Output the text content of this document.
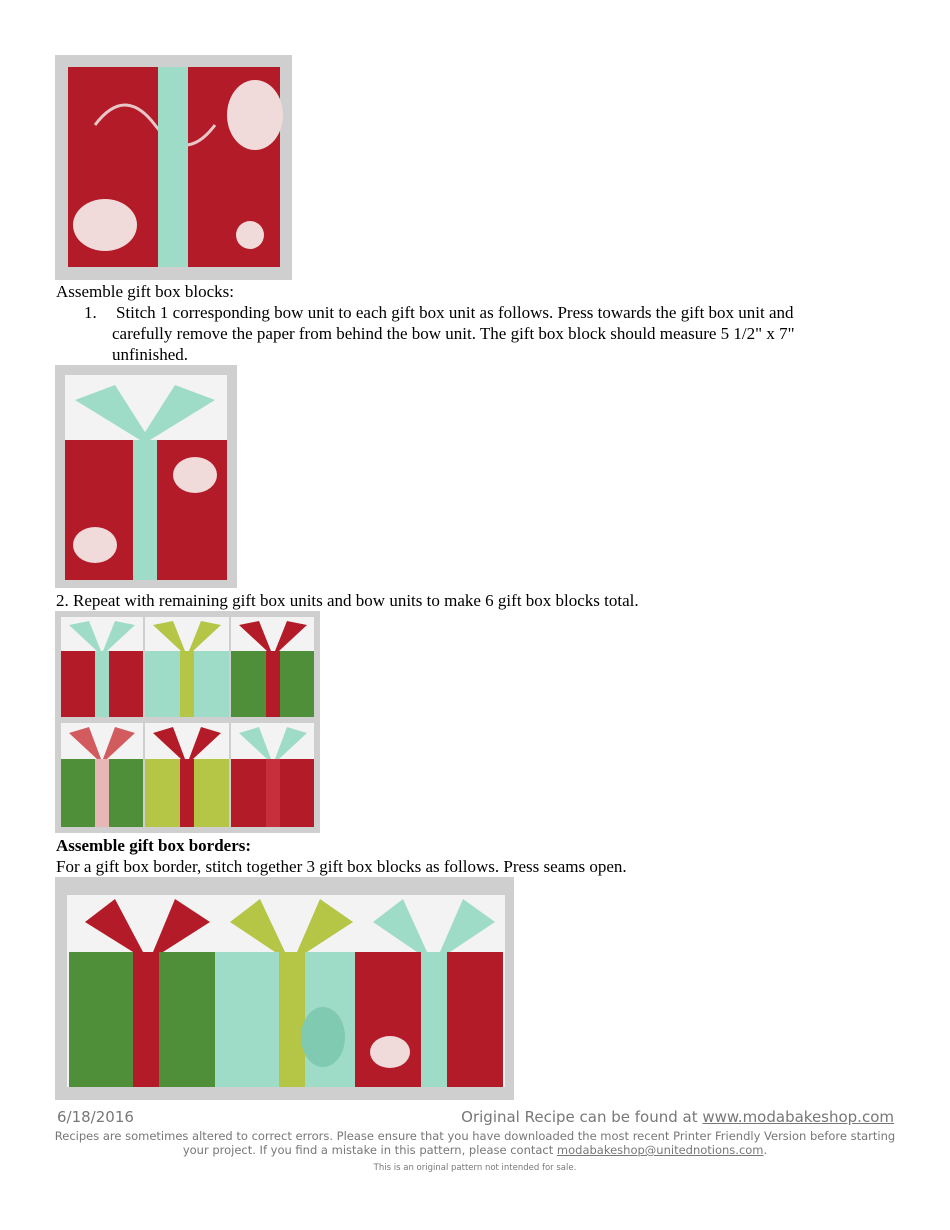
Assemble gift box blocks:
1. Stitch 1 corresponding bow unit to each gift box unit as follows. Press towards the gift box unit and
carefully remove the paper from behind the bow unit. The gift box block should measure 5 1/2" x 7"
unfinished.
2. Repeat with remaining gift box units and bow units to make 6 gift box blocks total.
Assemble gift box borders:
For a gift box border, stitch together 3 gift box blocks as follows. Press seams open.
6/18/2016	Original Recipe can be found at www.modabakeshop.com
Recipes are sometimes altered to correct errors. Please ensure that you have downloaded the most recent Printer Friendly Version before starting
your project. If you find a mistake in this pattern, please contact modabakeshop@unitednotions.com.
This is an original pattern not intended for sale.
